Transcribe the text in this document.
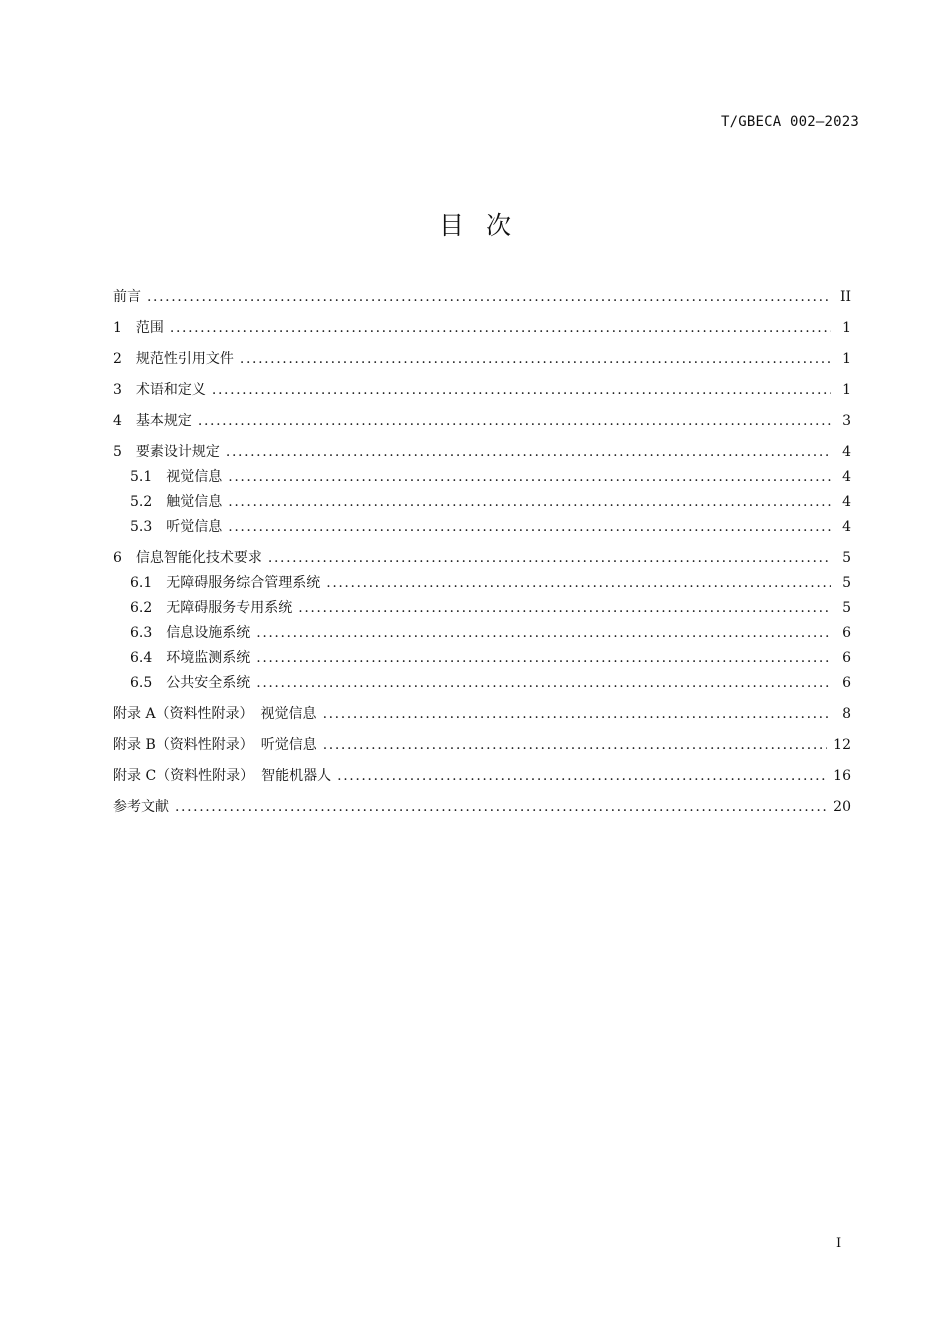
T/GBECA 002—2023
目次
前言 .....	II
1 范围 .....	1
2 规范性引用文件 .....	1
3 术语和定义 .....	1
4 基本规定 .....	3
5 要素设计规定 .....	4
5.1 视觉信息 .....	4
5.2 触觉信息 .....	4
5.3 听觉信息 .....	4
6 信息智能化技术要求 .....	5
6.1 无障碍服务综合管理系统 .....	5
6.2 无障碍服务专用系统 .....	5
6.3 信息设施系统 .....	6
6.4 环境监测系统 .....	6
6.5 公共安全系统 .....	6
附录 A（资料性附录）　视觉信息 .....	8
附录 B（资料性附录）　听觉信息 .....	12
附录 C（资料性附录）　智能机器人 .....	16
参考文献 .....	20
I
